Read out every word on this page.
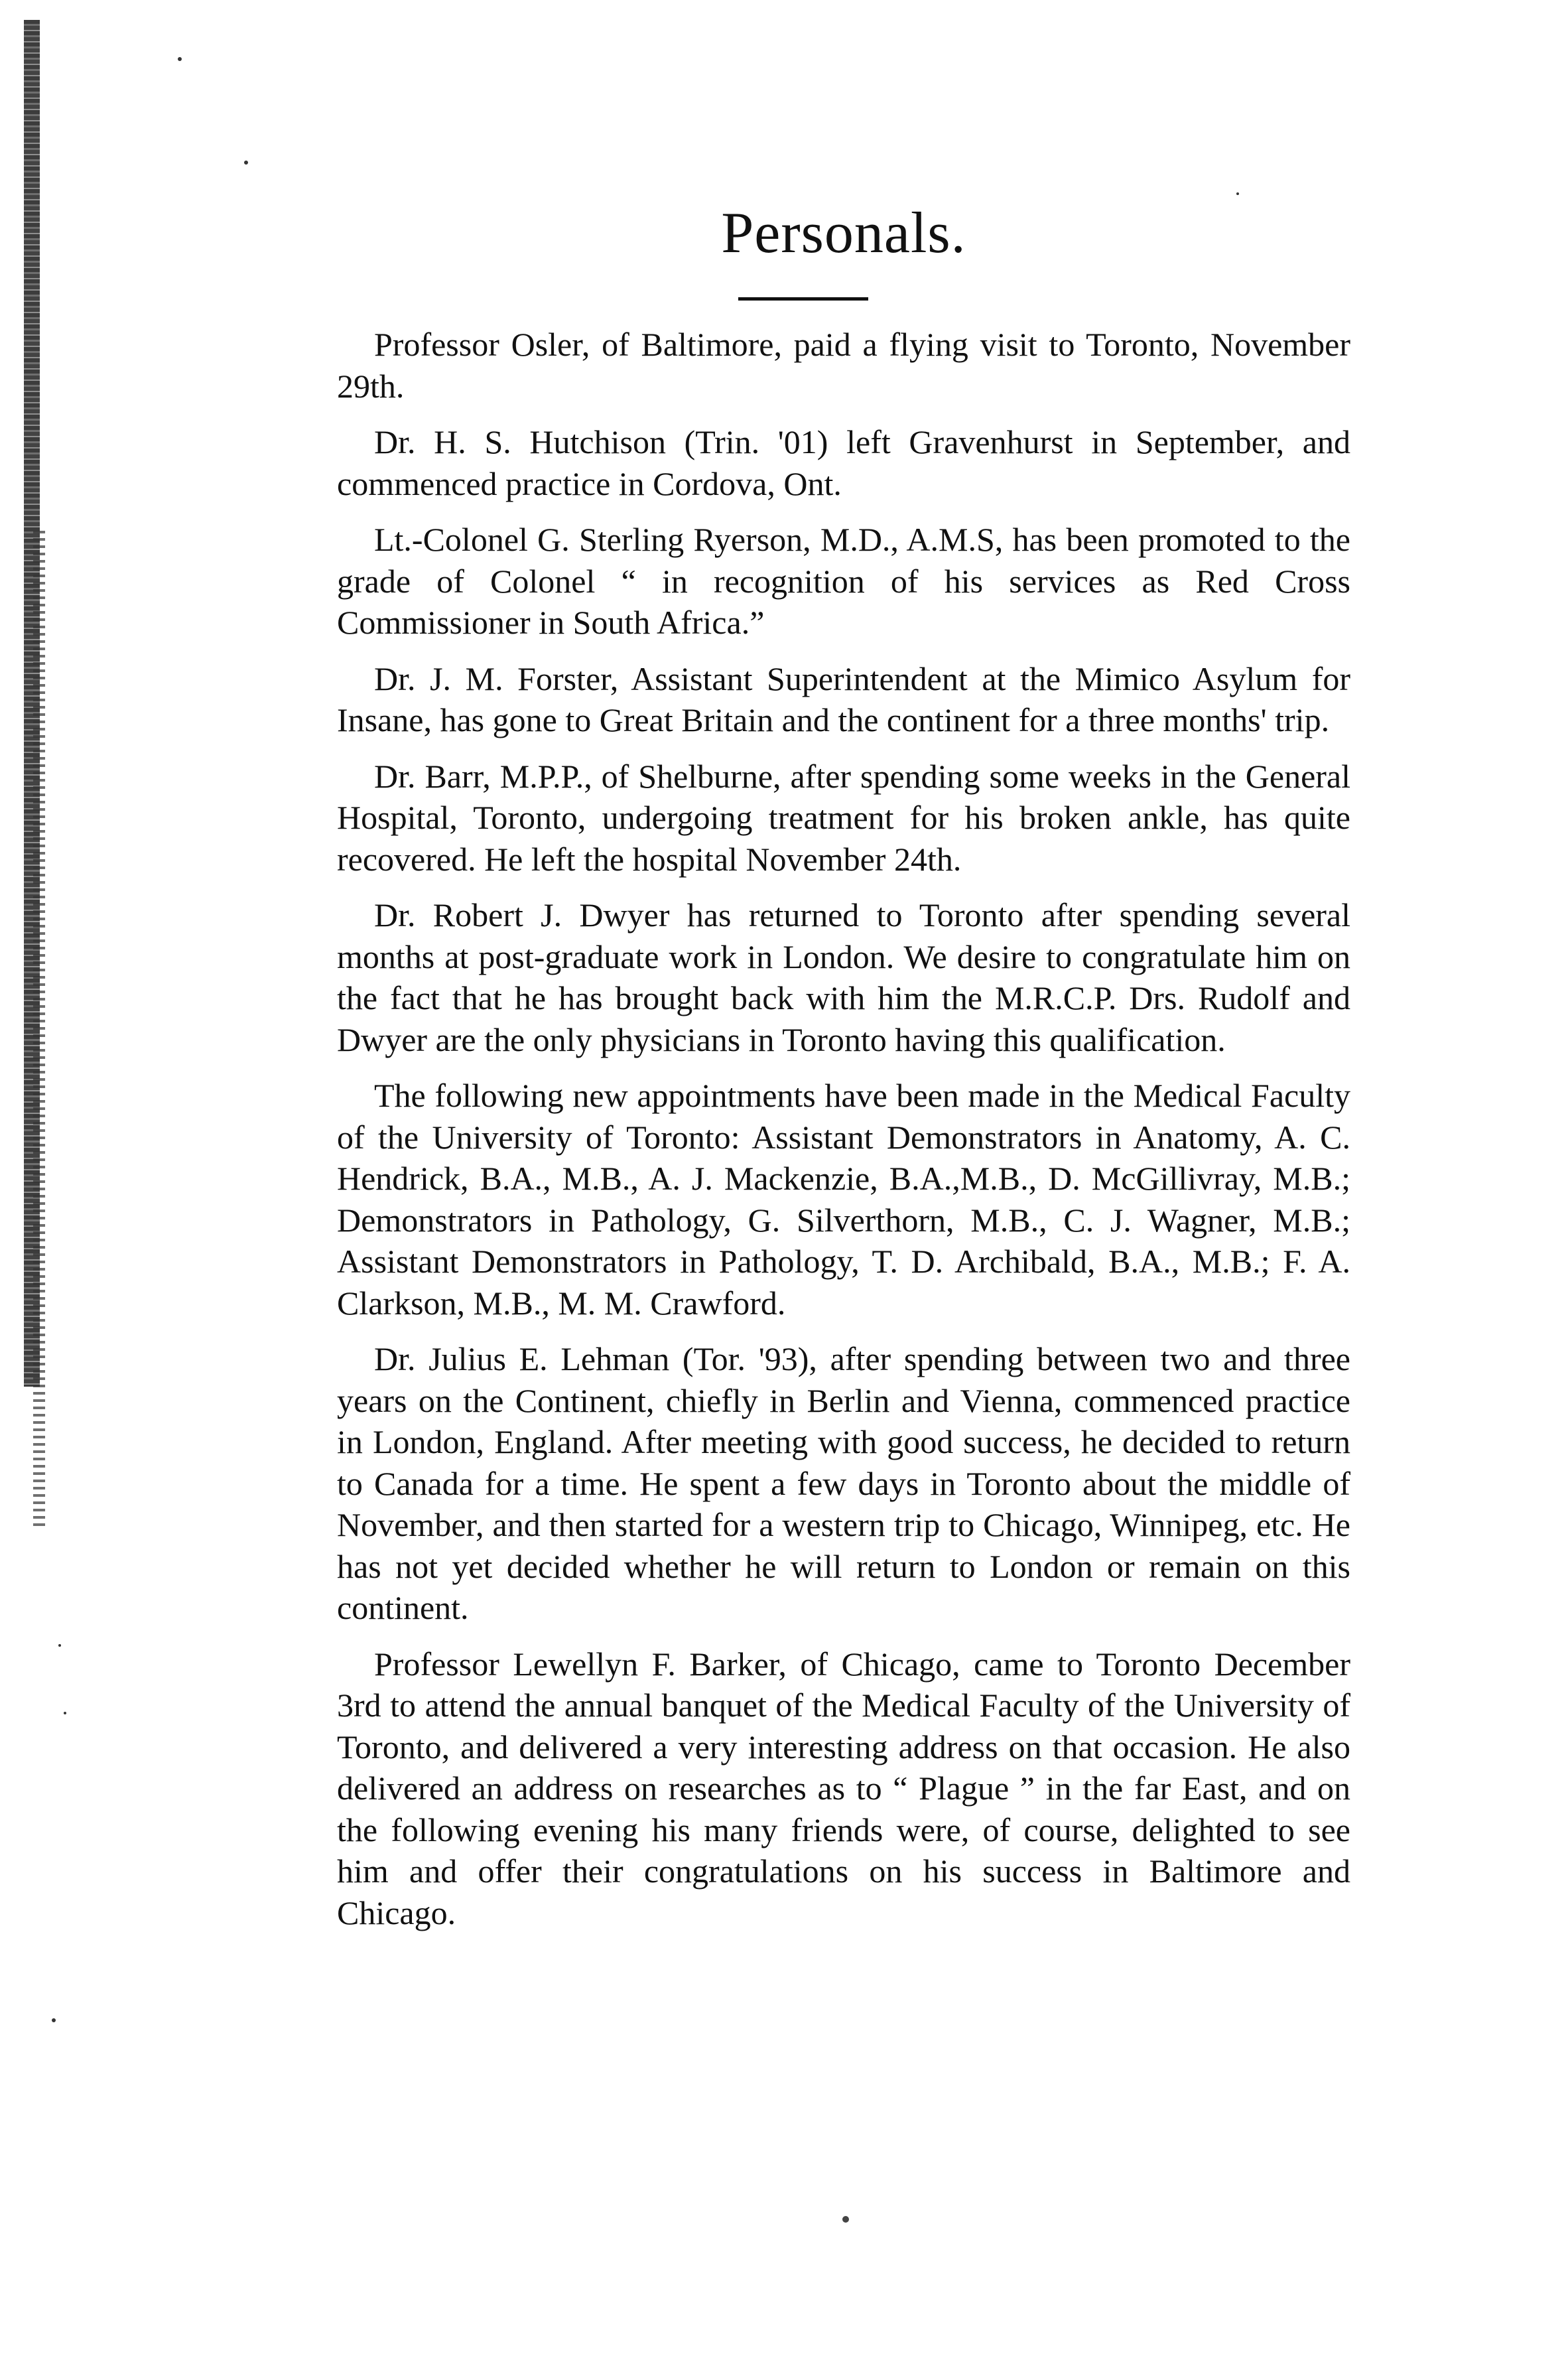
Personals.

Professor Osler, of Baltimore, paid a flying visit to Toronto, November 29th.

Dr. H. S. Hutchison (Trin. '01) left Gravenhurst in September, and commenced practice in Cordova, Ont.

Lt.-Colonel G. Sterling Ryerson, M.D., A.M.S, has been promoted to the grade of Colonel “ in recognition of his services as Red Cross Commissioner in South Africa.”

Dr. J. M. Forster, Assistant Superintendent at the Mimico Asylum for Insane, has gone to Great Britain and the continent for a three months' trip.

Dr. Barr, M.P.P., of Shelburne, after spending some weeks in the General Hospital, Toronto, undergoing treatment for his broken ankle, has quite recovered. He left the hospital November 24th.

Dr. Robert J. Dwyer has returned to Toronto after spending several months at post-graduate work in London. We desire to congratulate him on the fact that he has brought back with him the M.R.C.P. Drs. Rudolf and Dwyer are the only physicians in Toronto having this qualification.

The following new appointments have been made in the Medical Faculty of the University of Toronto: Assistant Demonstrators in Anatomy, A. C. Hendrick, B.A., M.B., A. J. Mackenzie, B.A.,M.B., D. McGillivray, M.B.; Demonstrators in Pathology, G. Silverthorn, M.B., C. J. Wagner, M.B.; Assistant Demonstrators in Pathology, T. D. Archibald, B.A., M.B.; F. A. Clarkson, M.B., M. M. Crawford.

Dr. Julius E. Lehman (Tor. '93), after spending between two and three years on the Continent, chiefly in Berlin and Vienna, commenced practice in London, England. After meeting with good success, he decided to return to Canada for a time. He spent a few days in Toronto about the middle of November, and then started for a western trip to Chicago, Winnipeg, etc. He has not yet decided whether he will return to London or remain on this continent.

Professor Lewellyn F. Barker, of Chicago, came to Toronto December 3rd to attend the annual banquet of the Medical Faculty of the University of Toronto, and delivered a very interesting address on that occasion. He also delivered an address on researches as to “ Plague ” in the far East, and on the following evening his many friends were, of course, delighted to see him and offer their congratulations on his success in Baltimore and Chicago.
